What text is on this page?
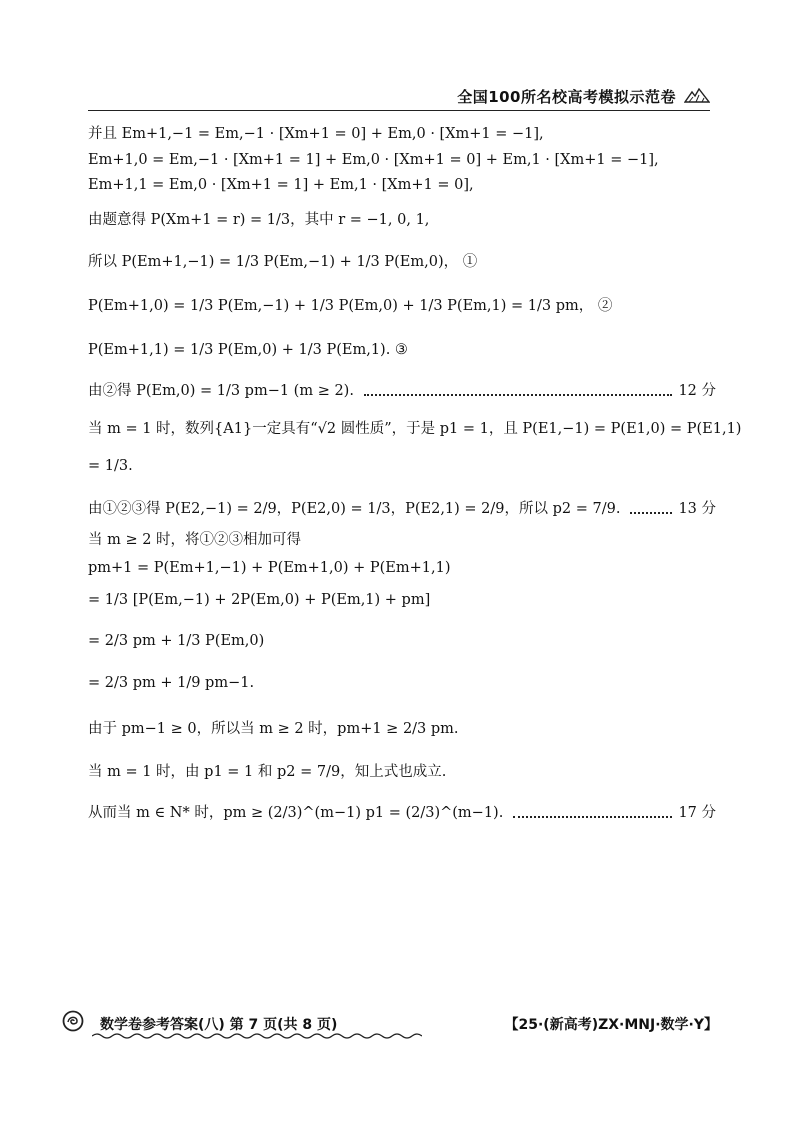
全国100所名校高考模拟示范卷
并且 Em+1,−1 = Em,−1 · [Xm+1 = 0] + Em,0 · [Xm+1 = −1],
Em+1,0 = Em,−1 · [Xm+1 = 1] + Em,0 · [Xm+1 = 0] + Em,1 · [Xm+1 = −1],
Em+1,1 = Em,0 · [Xm+1 = 1] + Em,1 · [Xm+1 = 0],
由题意得 P(Xm+1 = r) = 1/3，其中 r = −1, 0, 1,
所以 P(Em+1,−1) = 1/3 P(Em,−1) + 1/3 P(Em,0)， ①
P(Em+1,0) = 1/3 P(Em,−1) + 1/3 P(Em,0) + 1/3 P(Em,1) = 1/3 pm， ②
P(Em+1,1) = 1/3 P(Em,0) + 1/3 P(Em,1). ③
由②得 P(Em,0) = 1/3 pm−1 (m ≥ 2).	12 分
当 m = 1 时，数列{A1}一定具有“√2 圆性质”，于是 p1 = 1，且 P(E1,−1) = P(E1,0) = P(E1,1)
= 1/3.
由①②③得 P(E2,−1) = 2/9，P(E2,0) = 1/3，P(E2,1) = 2/9，所以 p2 = 7/9.	13 分
当 m ≥ 2 时，将①②③相加可得
pm+1 = P(Em+1,−1) + P(Em+1,0) + P(Em+1,1)
= 1/3 [P(Em,−1) + 2P(Em,0) + P(Em,1) + pm]
= 2/3 pm + 1/3 P(Em,0)
= 2/3 pm + 1/9 pm−1.
由于 pm−1 ≥ 0，所以当 m ≥ 2 时，pm+1 ≥ 2/3 pm.
当 m = 1 时，由 p1 = 1 和 p2 = 7/9，知上式也成立.
从而当 m ∈ N* 时，pm ≥ (2/3)^(m−1) p1 = (2/3)^(m−1).	17 分
数学卷参考答案(八) 第 7 页(共 8 页)	【25·(新高考)ZX·MNJ·数学·Y】
